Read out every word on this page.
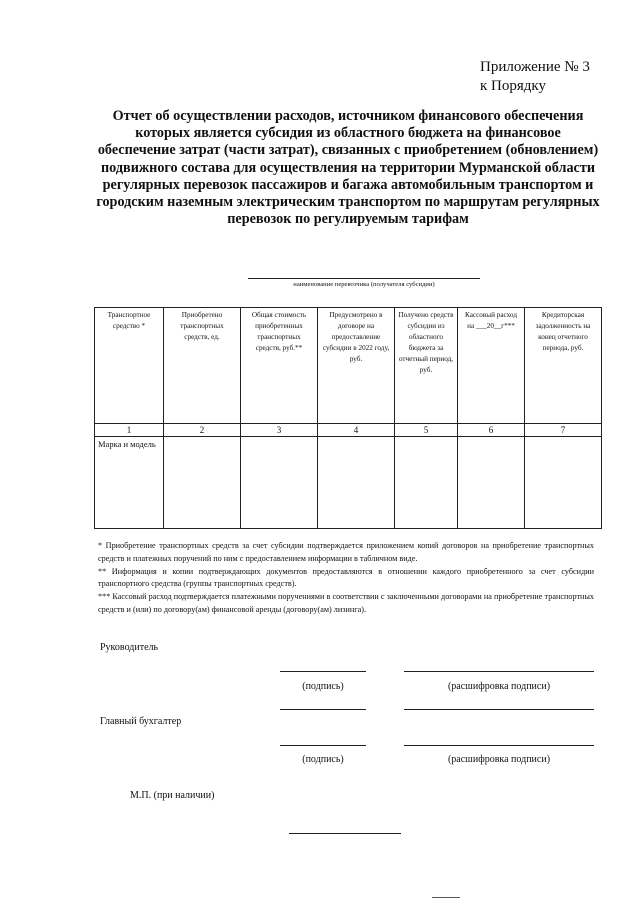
Приложение № 3
к Порядку
Отчет об осуществлении расходов, источником финансового обеспечения которых является субсидия из областного бюджета на финансовое обеспечение затрат (части затрат), связанных с приобретением (обновлением) подвижного состава для осуществления на территории Мурманской области регулярных перевозок пассажиров и багажа автомобильным транспортом и городским наземным электрическим транспортом по маршрутам регулярных перевозок по регулируемым тарифам
наименование перевозчика (получателя субсидии)
Транспортное средство *	Приобретено транспортных средств, ед.	Общая стоимость приобретенных транспортных средств, руб.**	Предусмотрено в договоре на предоставление субсидии в 2022 году, руб.	Получено средств субсидии из областного бюджета за отчетный период, руб.	Кассовый расход на ___20__г***	Кредиторская задолженность на конец отчетного периода, руб.
1	2	3	4	5	6	7
Марка и модель						

* Приобретение транспортных средств за счет субсидии подтверждается приложением копий договоров на приобретение транспортных средств и платежных поручений по ним с предоставлением информации в табличном виде.

** Информация и копии подтверждающих документов предоставляются в отношении каждого приобретенного за счет субсидии транспортного средства (группы транспортных средств).

*** Кассовый расход подтверждается платежными поручениями в соответствии с заключенными договорами на приобретение транспортных средств и (или) по договору(ам) финансовой аренды (договору(ам) лизинга).

Руководитель
(подпись)	(расшифровка подписи)
Главный бухгалтер
(подпись)	(расшифровка подписи)
М.П. (при наличии)
